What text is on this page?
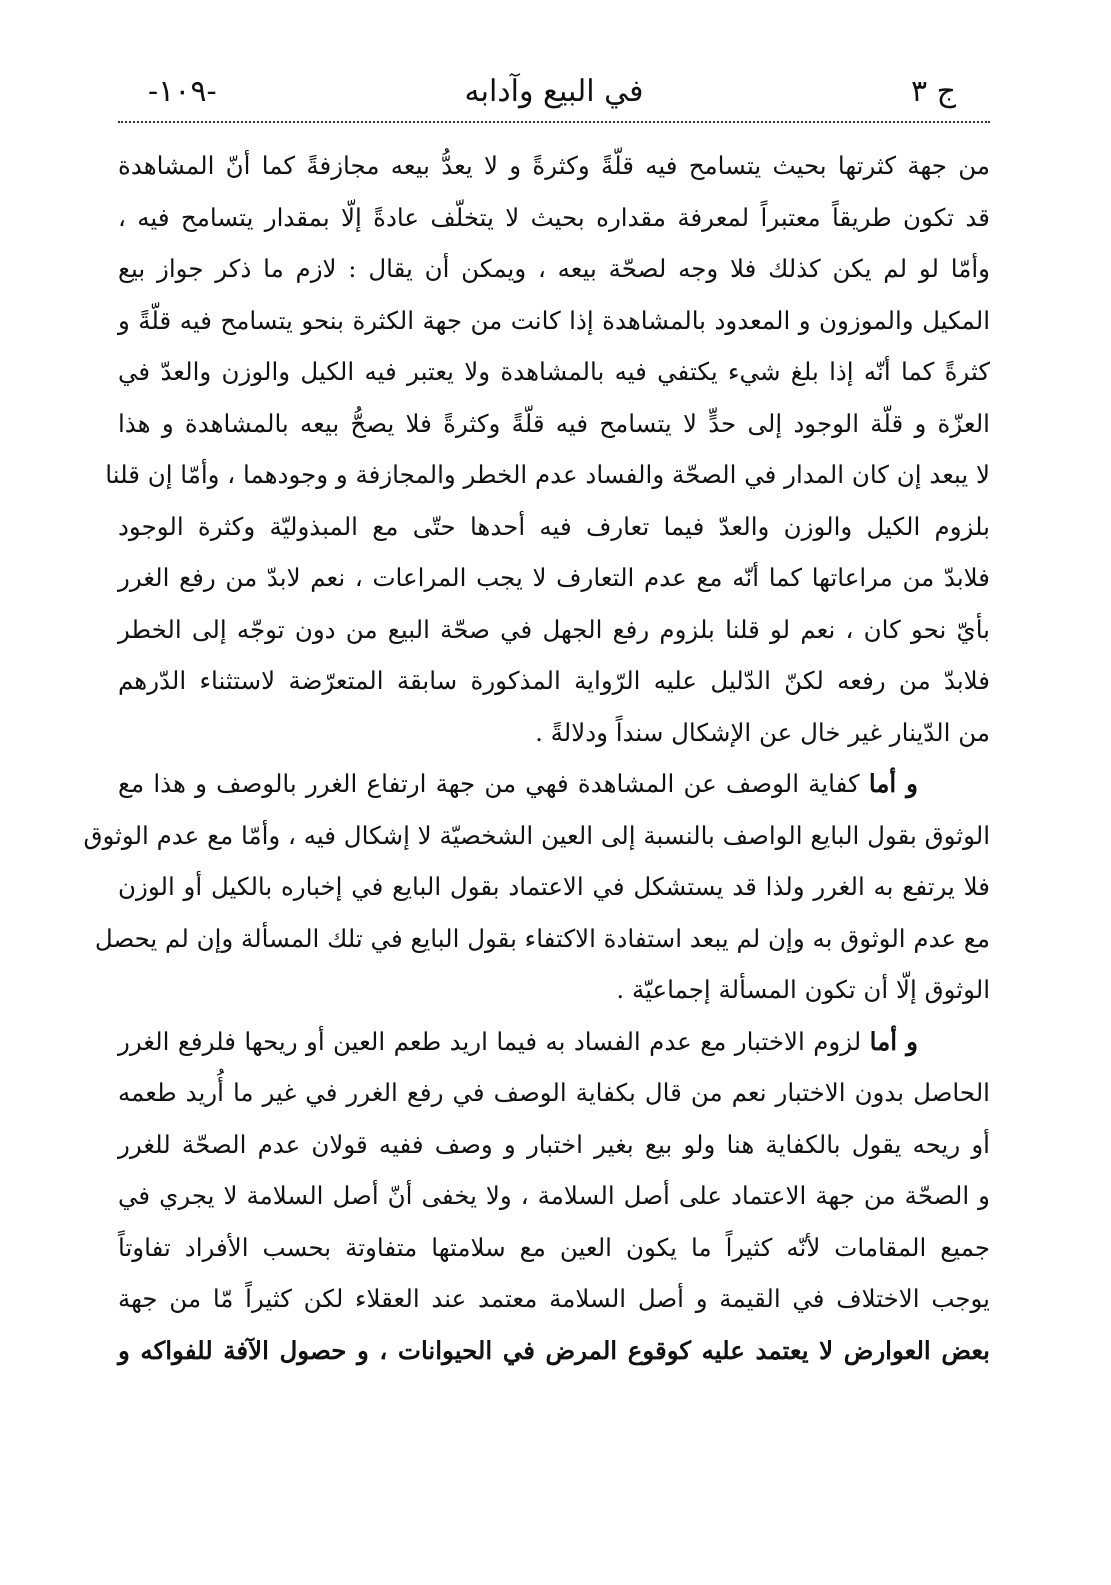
-١٠٩-	في البيع وآدابه	ج ٣
من جهة كثرتها بحيث يتسامح فيه قلّةً وكثرةً و لا يعدُّ بيعه مجازفةً كما أنّ المشاهدة
قد تكون طريقاً معتبراً لمعرفة مقداره بحيث لا يتخلّف عادةً إلّا بمقدار يتسامح فيه ،
وأمّا لو لم يكن كذلك فلا وجه لصحّة بيعه ، ويمكن أن يقال : لازم ما ذكر جواز بيع
المكيل والموزون و المعدود بالمشاهدة إذا كانت من جهة الكثرة بنحو يتسامح فيه قلّةً و
كثرةً كما أنّه إذا بلغ شيء يكتفي فيه بالمشاهدة ولا يعتبر فيه الكيل والوزن والعدّ في
العزّة و قلّة الوجود إلى حدٍّ لا يتسامح فيه قلّةً وكثرةً فلا يصحُّ بيعه بالمشاهدة و هذا
لا يبعد إن كان المدار في الصحّة والفساد عدم الخطر والمجازفة و وجودهما ، وأمّا إن قلنا
بلزوم الكيل والوزن والعدّ فيما تعارف فيه أحدها حتّى مع المبذوليّة وكثرة الوجود
فلابدّ من مراعاتها كما أنّه مع عدم التعارف لا يجب المراعات ، نعم لابدّ من رفع الغرر
بأيّ نحو كان ، نعم لو قلنا بلزوم رفع الجهل في صحّة البيع من دون توجّه إلى الخطر
فلابدّ من رفعه لكنّ الدّليل عليه الرّواية المذكورة سابقة المتعرّضة لاستثناء الدّرهم
من الدّينار غير خال عن الإشكال سنداً ودلالةً .
و أما كفاية الوصف عن المشاهدة فهي من جهة ارتفاع الغرر بالوصف و هذا مع
الوثوق بقول البايع الواصف بالنسبة إلى العين الشخصيّة لا إشكال فيه ، وأمّا مع عدم الوثوق
فلا يرتفع به الغرر ولذا قد يستشكل في الاعتماد بقول البايع في إخباره بالكيل أو الوزن
مع عدم الوثوق به وإن لم يبعد استفادة الاكتفاء بقول البايع في تلك المسألة وإن لم يحصل
الوثوق إلّا أن تكون المسألة إجماعيّة .
و أما لزوم الاختبار مع عدم الفساد به فيما اريد طعم العين أو ريحها فلرفع الغرر
الحاصل بدون الاختبار نعم من قال بكفاية الوصف في رفع الغرر في غير ما أُريد طعمه
أو ريحه يقول بالكفاية هنا ولو بيع بغير اختبار و وصف ففيه قولان عدم الصحّة للغرر
و الصحّة من جهة الاعتماد على أصل السلامة ، ولا يخفى أنّ أصل السلامة لا يجري في
جميع المقامات لأنّه كثيراً ما يكون العين مع سلامتها متفاوتة بحسب الأفراد تفاوتاً
يوجب الاختلاف في القيمة و أصل السلامة معتمد عند العقلاء لكن كثيراً مّا من جهة
بعض العوارض لا يعتمد عليه كوقوع المرض في الحيوانات ، و حصول الآفة للفواكه و
